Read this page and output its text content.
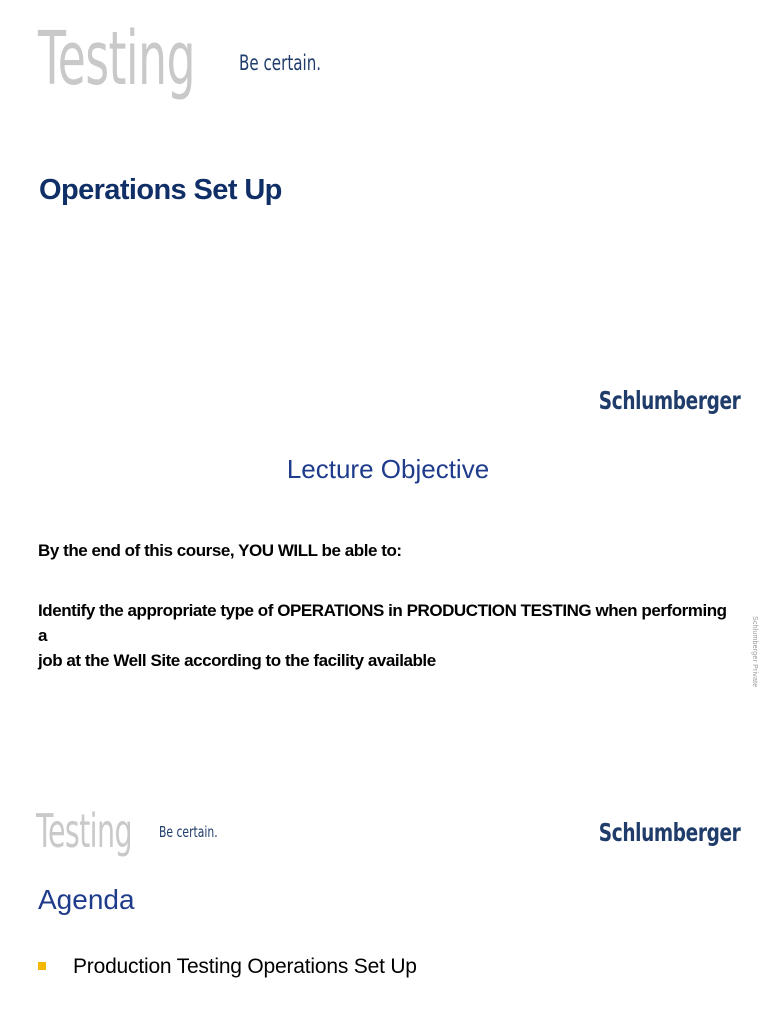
Testing Be certain.
Operations Set Up
Schlumberger
Lecture Objective

By the end of this course, YOU WILL be able to:

Identify the appropriate type of OPERATIONS in PRODUCTION TESTING when performing a

job at the Well Site according to the facility available	Schlumberger Private
Testing Be certain.	Schlumberger
Agenda
Production Testing Operations Set Up
